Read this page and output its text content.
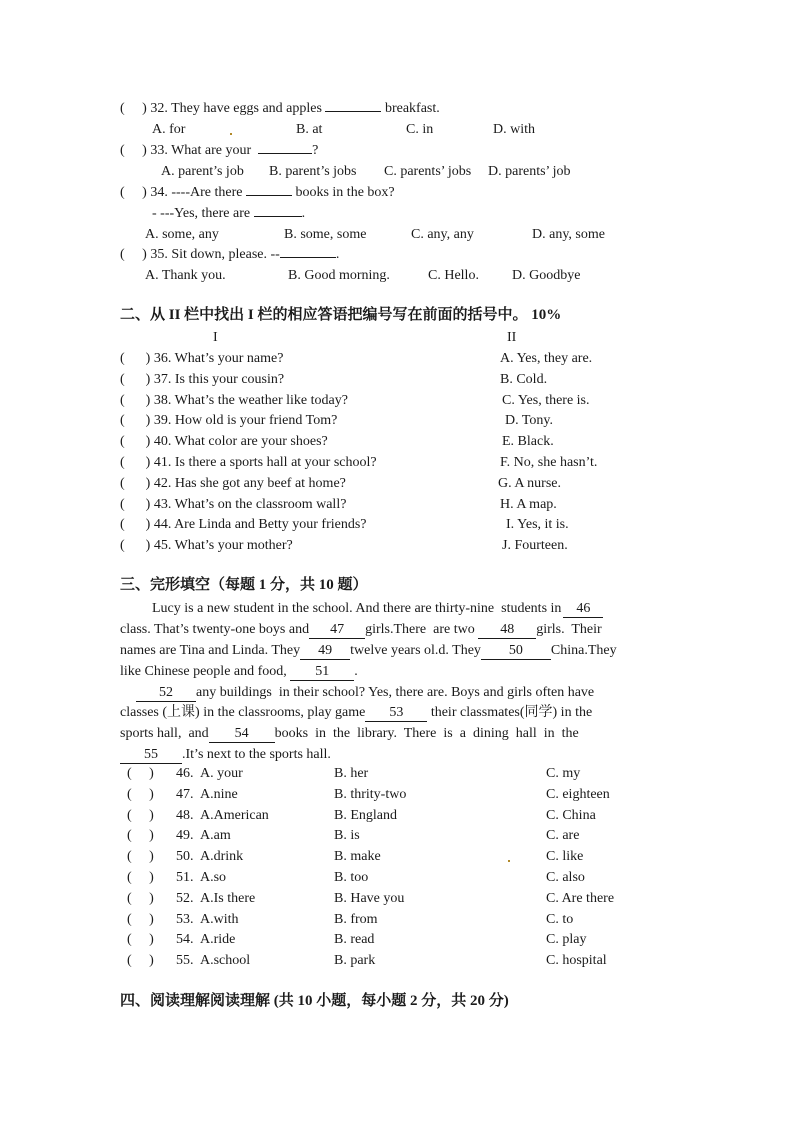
( ) 32. They have eggs and apples	breakfast.
A. for	B. at	C. in	D. with
( ) 33. What are your	?
A. parent’s job B. parent’s jobs C. parents’ jobs D. parents’ job
( ) 34. ----Are there	books in the box?
- ---Yes, there are	.
A. some, any	B. some, some	C. any, any	D. any, some
( ) 35. Sit down, please. --	.
A. Thank you.	B. Good morning.	C. Hello. D. Goodbye
二、从 II 栏中找出 I 栏的相应答语把编号写在前面的括号中。 10%
I	II
(      ) 36. What’s your name?	A. Yes, they are.
(      ) 37. Is this your cousin?	B. Cold.
(      ) 38. What’s the weather like today?	C. Yes, there is.
(      ) 39. How old is your friend Tom?	D. Tony.
(      ) 40. What color are your shoes?	E. Black.
(      ) 41. Is there a sports hall at your school?	F. No, she hasn’t.
(      ) 42. Has she got any beef at home?	G. A nurse.
(      ) 43. What’s on the classroom wall?	H. A map.
(      ) 44. Are Linda and Betty your friends?	I. Yes, it is.
(      ) 45. What’s your mother?	J. Fourteen.
三、完形填空（每题 1 分，共 10 题）
Lucy is a new student in the school. And there are thirty-nine  students in 46
class. That’s twenty-one boys and 47 girls.There  are two 48 girls.  Their
names are Tina and Linda. They 49 twelve years ol.d. They 50 China.They
like Chinese people and food, 51 .
52 any buildings  in their school? Yes, there are. Boys and girls often have
classes (上课) in the classrooms, play game 53 their classmates(同学) in the
sports hall,  and 54 books  in  the  library.  There  is  a  dining  hall  in  the
55 .It’s next to the sports hall.
(     ) 46. A. your	B. her	C. my
(     ) 47. A.nine	B. thrity-two	C. eighteen
(     ) 48. A.American	B. England	C. China
(     ) 49. A.am	B. is	C. are
(     ) 50. A.drink	B. make	C. like
(     ) 51. A.so	B. too	C. also
(     ) 52. A.Is there	B. Have you	C. Are there
(     ) 53. A.with	B. from	C. to
(     ) 54. A.ride	B. read	C. play
(     ) 55. A.school	B. park	C. hospital
四、阅读理解阅读理解 (共 10 小题，每小题 2 分，共 20 分)
